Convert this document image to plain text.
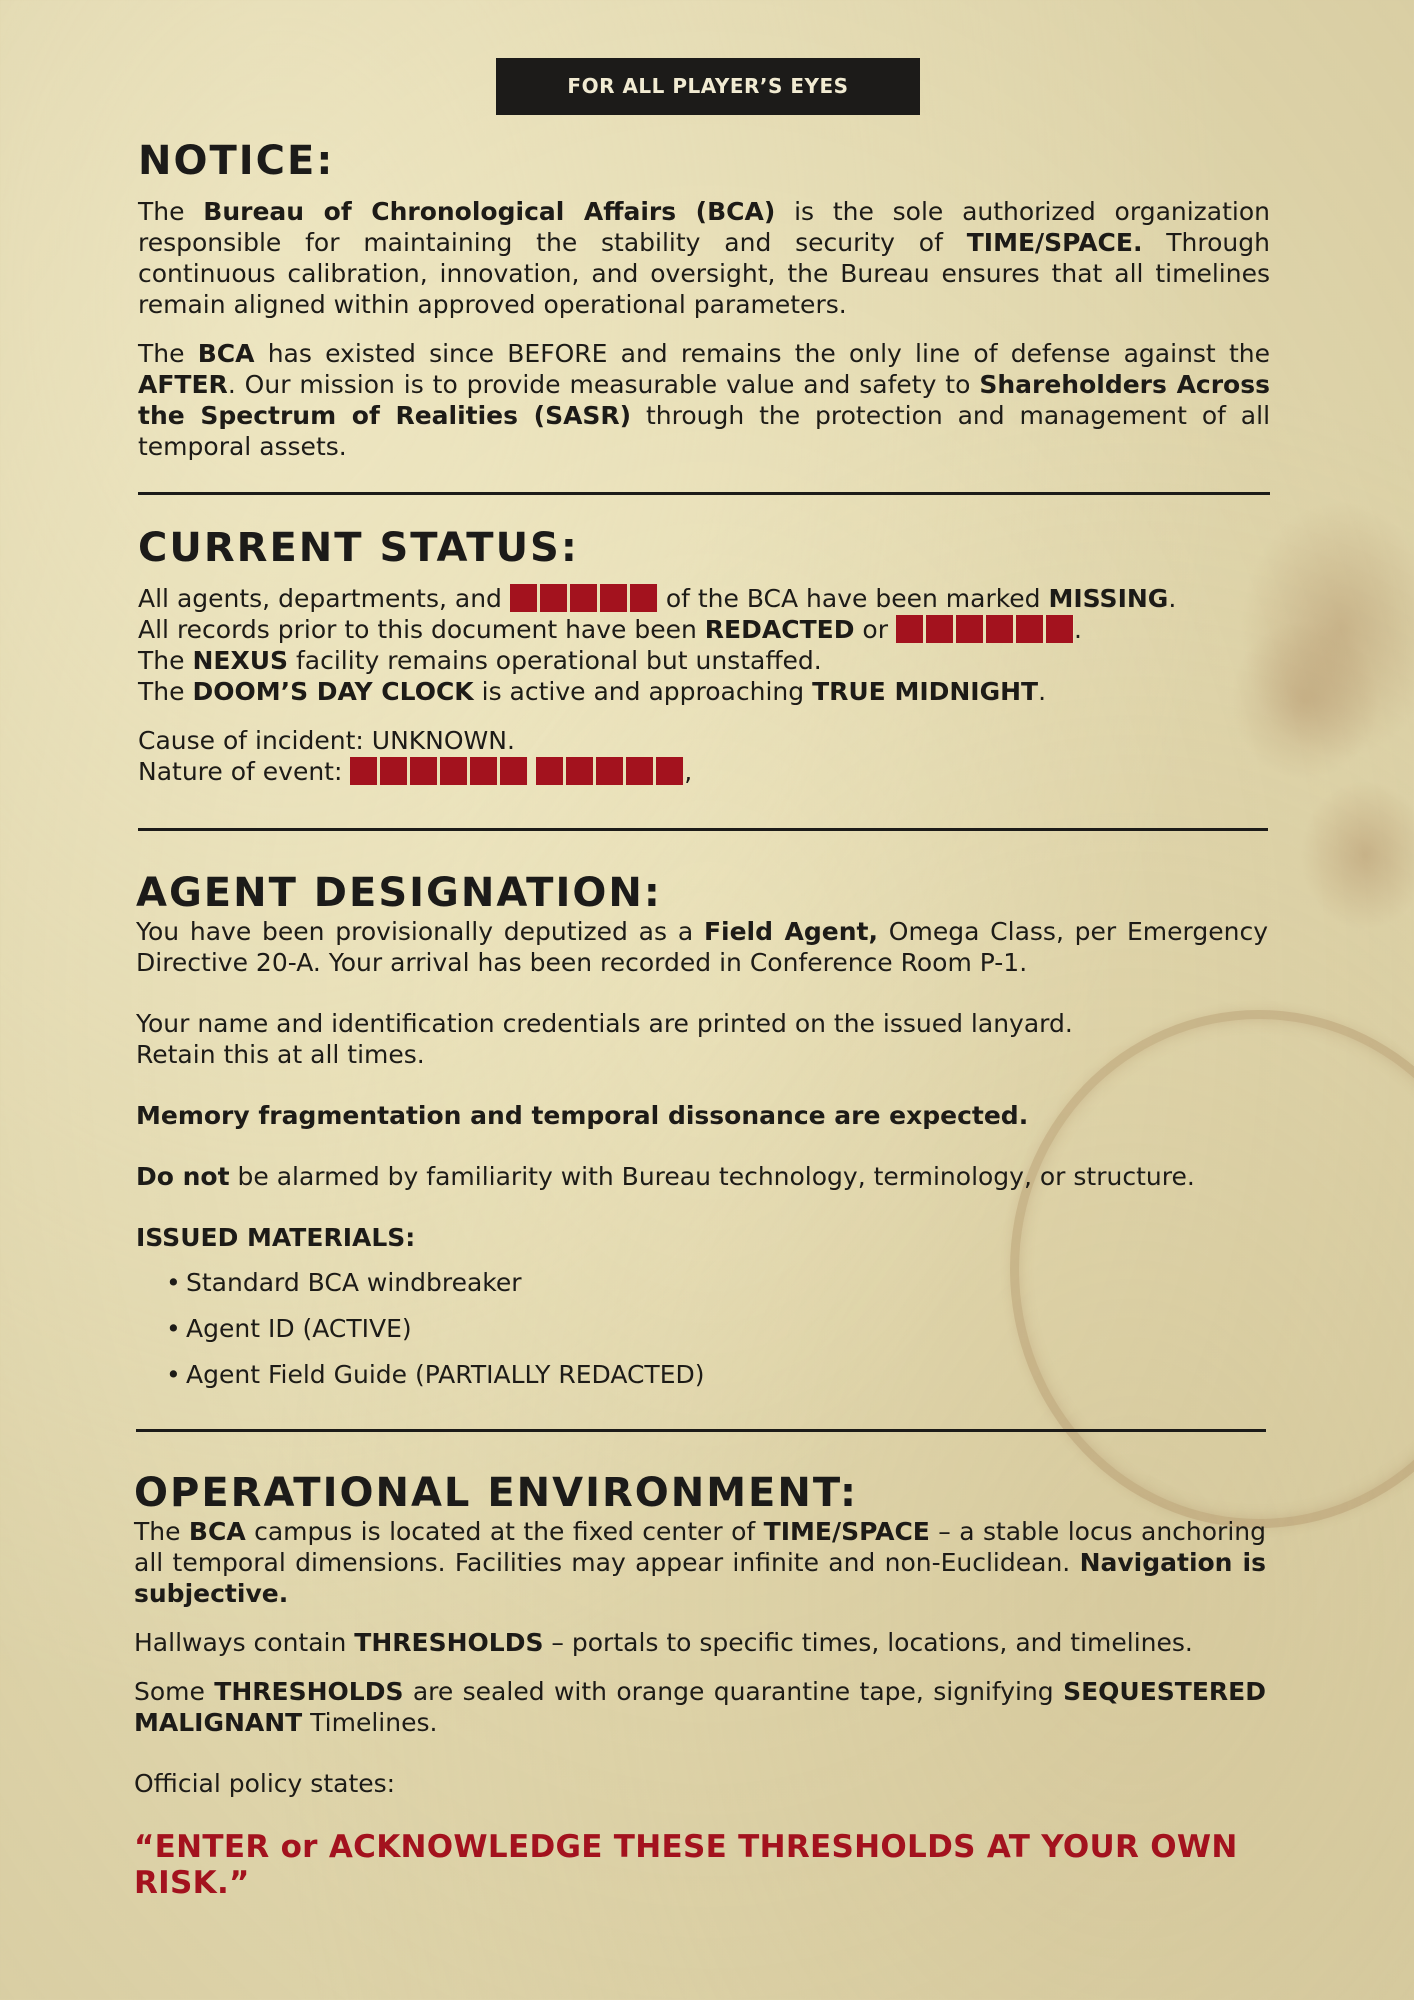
FOR ALL PLAYER’S EYES
NOTICE:

The Bureau of Chronological Affairs (BCA) is the sole authorized organization responsible for maintaining the stability and security of TIME/SPACE. Through continuous calibration, innovation, and oversight, the Bureau ensures that all timelines remain aligned within approved operational parameters.

The BCA has existed since BEFORE and remains the only line of defense against the AFTER. Our mission is to provide measurable value and safety to Shareholders Across the Spectrum of Realities (SASR) through the protection and management of all temporal assets.

CURRENT STATUS:
All agents, departments, and	of the BCA have been marked MISSING.
All records prior to this document have been REDACTED or	.
The NEXUS facility remains operational but unstaffed.
The DOOM’S DAY CLOCK is active and approaching TRUE MIDNIGHT.
Cause of incident: UNKNOWN.
Nature of event:	,
AGENT DESIGNATION:

You have been provisionally deputized as a Field Agent, Omega Class, per Emergency Directive 20-A. Your arrival has been recorded in Conference Room P-1.

Your name and identification credentials are printed on the issued lanyard.
Retain this at all times.
Memory fragmentation and temporal dissonance are expected.
Do not be alarmed by familiarity with Bureau technology, terminology, or structure.
ISSUED MATERIALS:
• Standard BCA windbreaker
• Agent ID (ACTIVE)
• Agent Field Guide (PARTIALLY REDACTED)
OPERATIONAL ENVIRONMENT:

The BCA campus is located at the fixed center of TIME/SPACE – a stable locus anchoring all temporal dimensions. Facilities may appear infinite and non-Euclidean. Navigation is subjective.

Hallways contain THRESHOLDS – portals to specific times, locations, and timelines.

Some THRESHOLDS are sealed with orange quarantine tape, signifying SEQUESTERED MALIGNANT Timelines.

Official policy states:
“ENTER or ACKNOWLEDGE THESE THRESHOLDS AT YOUR OWN RISK.”
